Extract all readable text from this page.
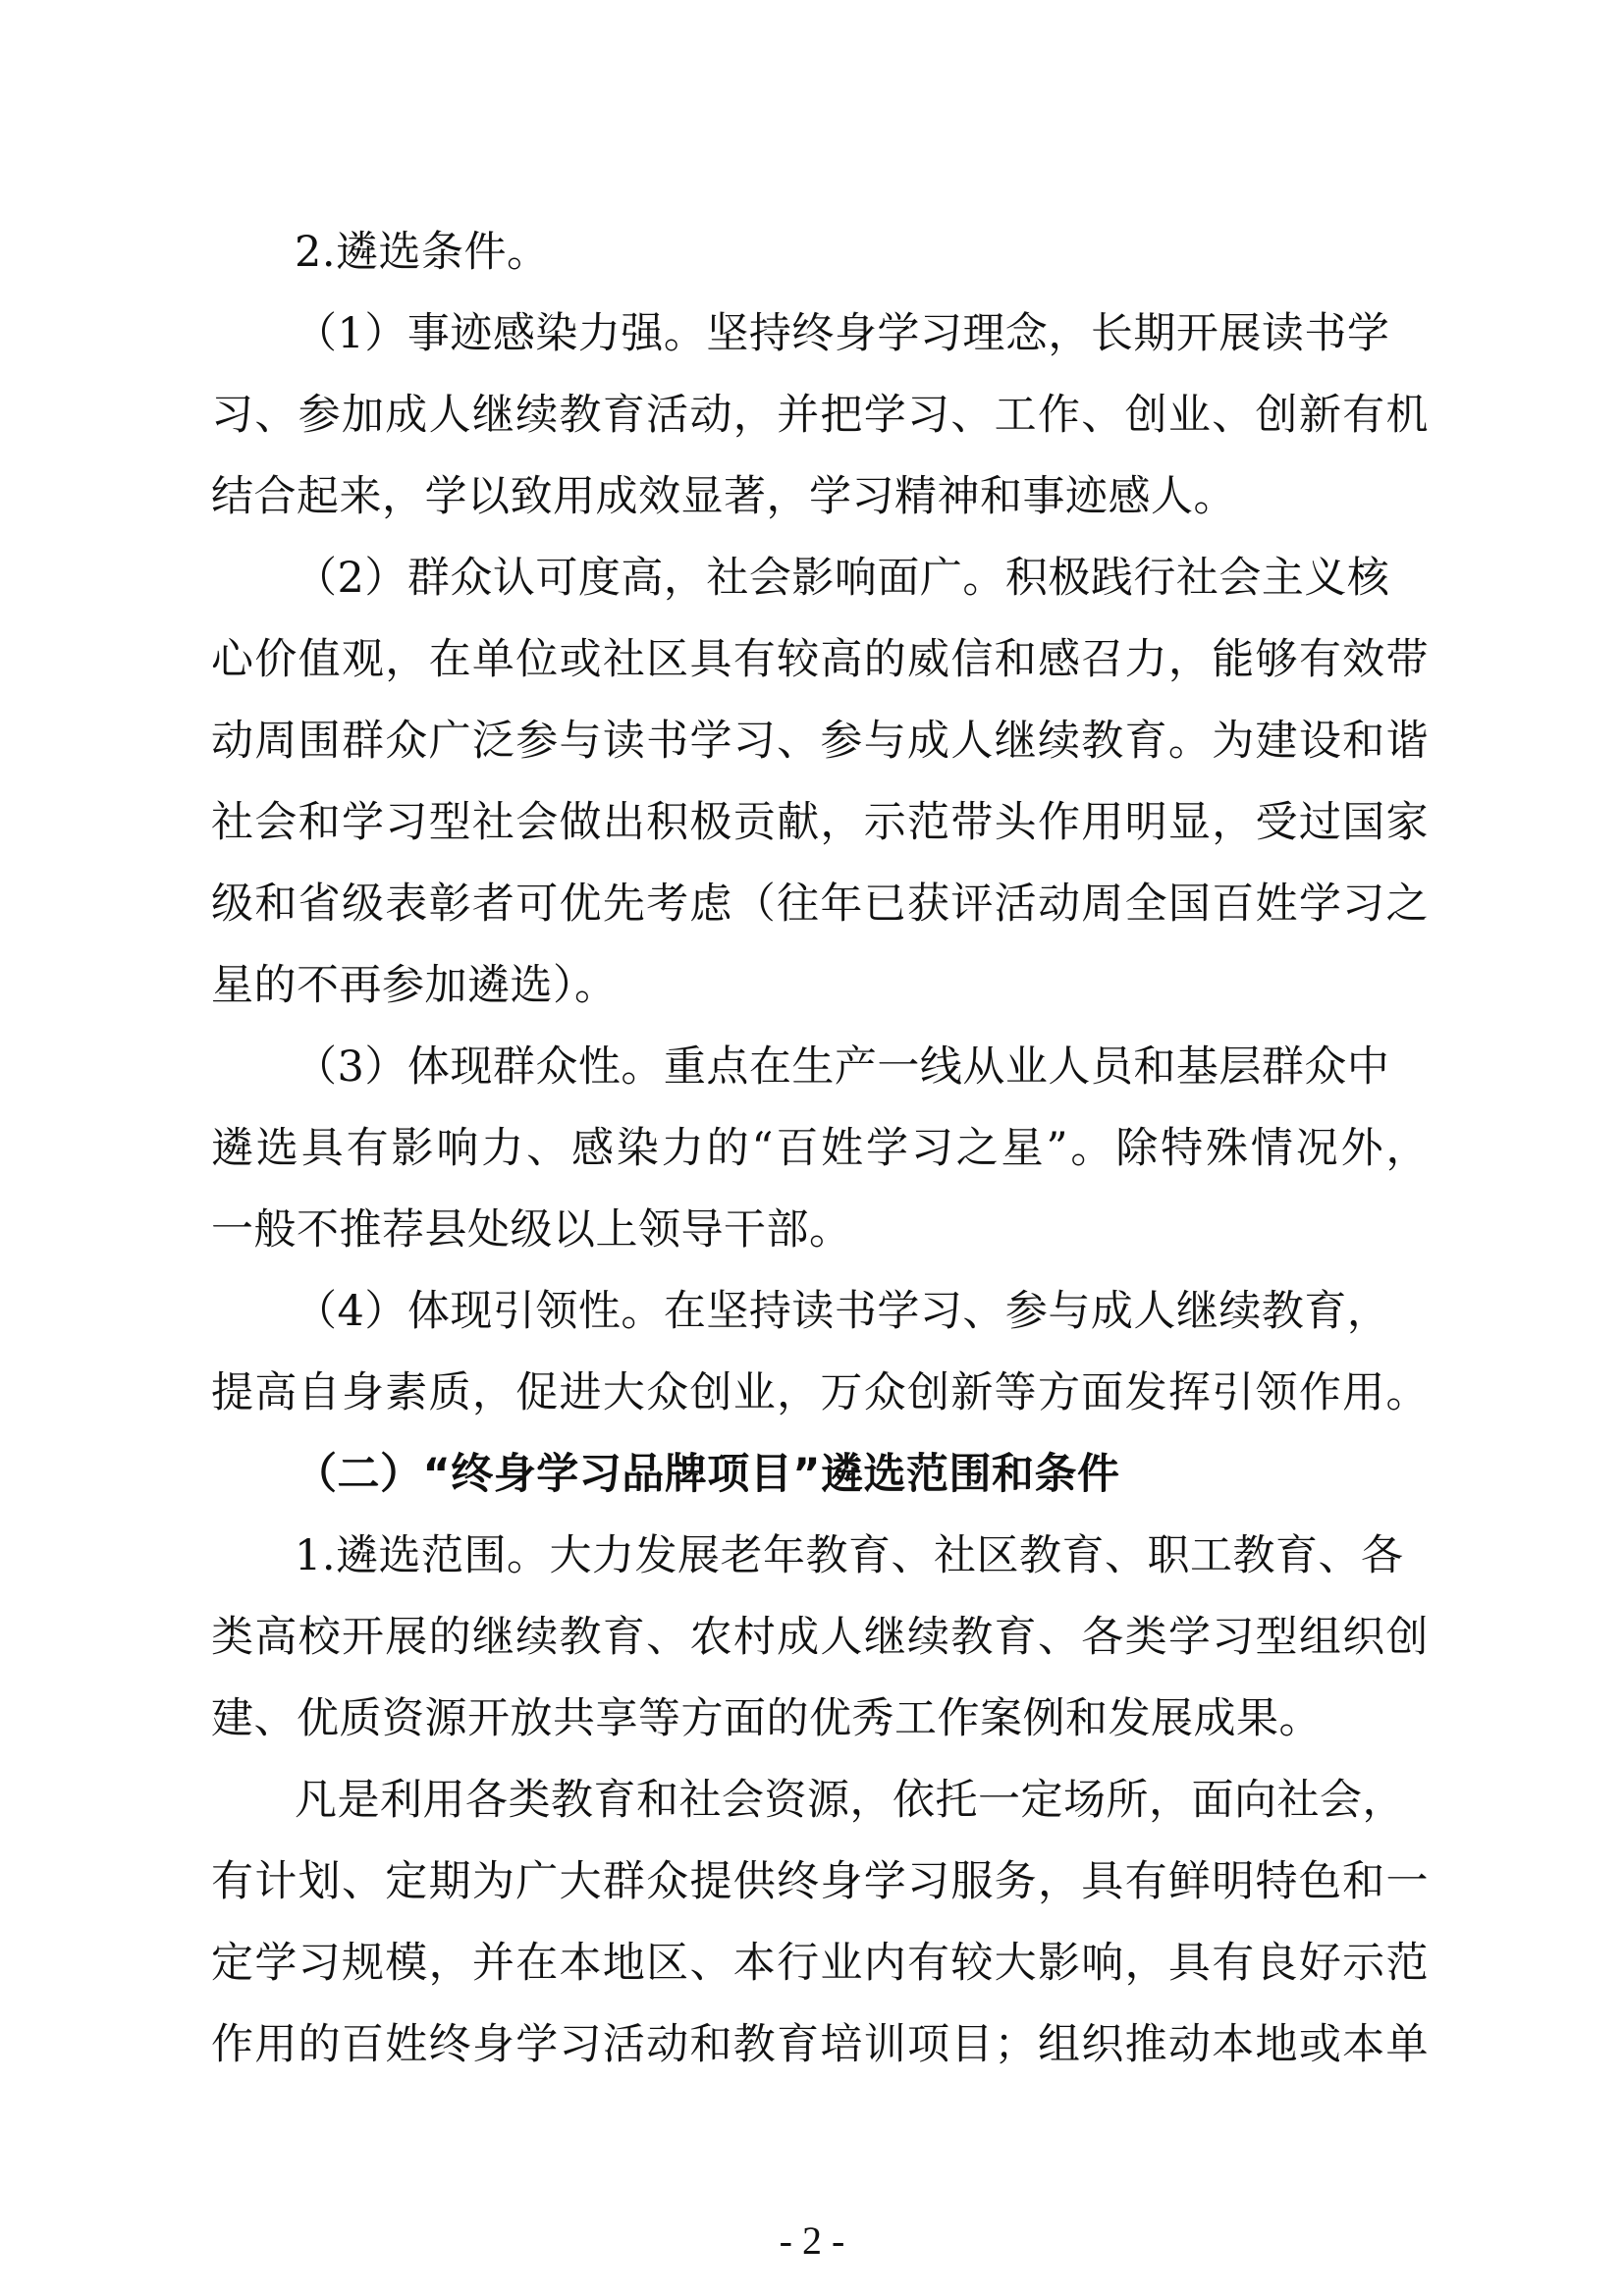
2.遴选条件。
（1）事迹感染力强。坚持终身学习理念，长期开展读书学
习、参加成人继续教育活动，并把学习、工作、创业、创新有机
结合起来，学以致用成效显著，学习精神和事迹感人。
（2）群众认可度高，社会影响面广。积极践行社会主义核
心价值观，在单位或社区具有较高的威信和感召力，能够有效带
动周围群众广泛参与读书学习、参与成人继续教育。为建设和谐
社会和学习型社会做出积极贡献，示范带头作用明显，受过国家
级和省级表彰者可优先考虑（往年已获评活动周全国百姓学习之
星的不再参加遴选）。
（3）体现群众性。重点在生产一线从业人员和基层群众中
遴选具有影响力、感染力的“百姓学习之星”。除特殊情况外，
一般不推荐县处级以上领导干部。
（4）体现引领性。在坚持读书学习、参与成人继续教育，
提高自身素质，促进大众创业，万众创新等方面发挥引领作用。
（二）“终身学习品牌项目”遴选范围和条件
1.遴选范围。大力发展老年教育、社区教育、职工教育、各
类高校开展的继续教育、农村成人继续教育、各类学习型组织创
建、优质资源开放共享等方面的优秀工作案例和发展成果。
凡是利用各类教育和社会资源，依托一定场所，面向社会，
有计划、定期为广大群众提供终身学习服务，具有鲜明特色和一
定学习规模，并在本地区、本行业内有较大影响，具有良好示范
作用的百姓终身学习活动和教育培训项目；组织推动本地或本单
- 2 -
